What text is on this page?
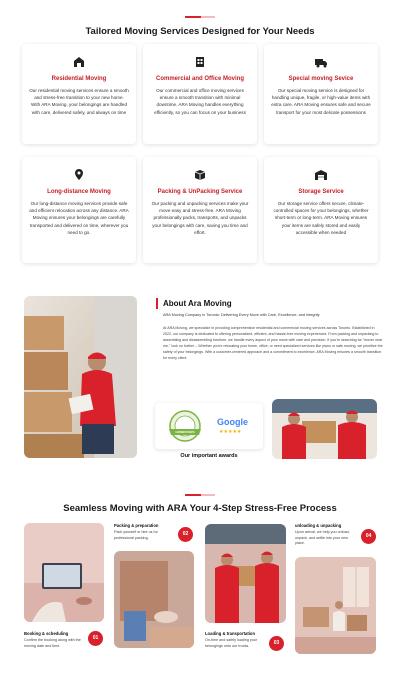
Tailored Moving Services Designed for Your Needs
Residential Moving
Our residential moving services ensure a smooth and stress-free transition to your new home. With ARA Moving, your belongings are handled with care, delivered safely, and always on time
Commercial and Office Moving
Our commercial and office moving services ensure a smooth transition with minimal downtime. ARA Moving handles everything efficiently, so you can focus on your business
Special moving Sevice
Our special moving service is designed for handling unique, fragile, or high-value items with extra care. ARA Moving ensures safe and secure transport for your most delicate possessions
Long-distance Moving
Our long-distance moving services provide safe and efficient relocation across any distance. ARA Moving ensures your belongings are carefully transported and delivered on time, wherever you need to go.
Packing & UnPacking Service
Our packing and unpacking services make your move easy and stress-free. ARA Moving professionally packs, transports, and unpacks your belongings with care, saving you time and effort.
Storage Service
Our storage service offers secure, climate-controlled spaces for your belongings, whether short-term or long-term. ARA Moving ensures your items are safely stored and easily accessible when needed
About Ara Moving
ARA Moving Company in Toronto: Delivering Every Move with Care, Excellence, and Integrity
At ARA Moving, we specialize in providing comprehensive residential and commercial moving services across Toronto. Established in 2022, our company is dedicated to offering personalized, efficient, and hassle-free moving experiences. From packing and unpacking to assembling and disassembling furniture, we handle every aspect of your move with care and precision. If you're searching for "mover near me," look no further – Whether you're relocating your home, office, or need specialized services like piano or safe moving, we prioritize the safety of your belongings. With a customer-centered approach and a commitment to excellence, ARA Moving ensures a smooth transition for every client.
HOMESTARS
Google
★★★★★
Our important awards
Seamless Moving with ARA Your 4-Step Stress-Free Process
Booking & scheduling
Confirm the booking along with the moving date and time.
01
Packing & preparation
Pack yourself or hire us for professional packing.
02
Loading & transportation
On-time and safely loading your belongings onto our trucks.	03
unloading & unpacking
Upon arrival, we help you unload, unpack, and settle into your new place.
04
